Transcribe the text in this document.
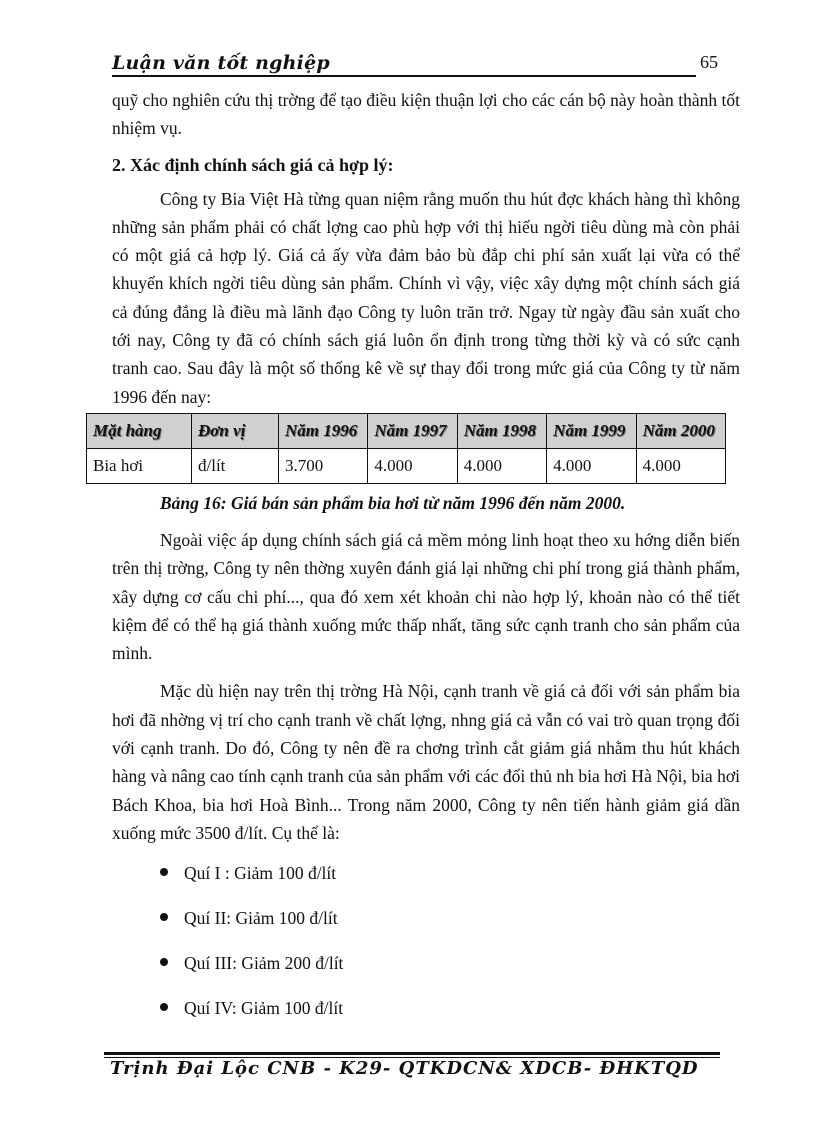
Luận văn tốt nghiệp	65

quỹ cho nghiên cứu thị trờng để tạo điều kiện thuận lợi cho các cán bộ này hoàn thành tốt nhiệm vụ.

2. Xác định chính sách giá cả hợp lý:

Công ty Bia Việt Hà từng quan niệm rằng muốn thu hút đợc khách hàng thì không những sản phẩm phải có chất lợng cao phù hợp với thị hiếu ngời tiêu dùng mà còn phải có một giá cả hợp lý. Giá cả ấy vừa đảm bảo bù đắp chi phí sản xuất lại vừa có thể khuyến khích ngời tiêu dùng sản phẩm. Chính vì vậy, việc xây dựng một chính sách giá cả đúng đắng là điều mà lãnh đạo Công ty luôn trăn trở. Ngay từ ngày đầu sản xuất cho tới nay, Công ty đã có chính sách giá luôn ổn định trong từng thời kỳ và có sức cạnh tranh cao. Sau đây là một số thống kê về sự thay đổi trong mức giá của Công ty từ năm 1996 đến nay:

Mặt hàng	Đơn vị	Năm 1996	Năm 1997	Năm 1998	Năm 1999	Năm 2000
Bia hơi	đ/lít	3.700	4.000	4.000	4.000	4.000
Bảng 16: Giá bán sản phẩm bia hơi từ năm 1996 đến năm 2000.

Ngoài việc áp dụng chính sách giá cả mềm mỏng linh hoạt theo xu hớng diễn biến trên thị trờng, Công ty nên thờng xuyên đánh giá lại những chi phí trong giá thành phẩm, xây dựng cơ cấu chi phí..., qua đó xem xét khoản chi nào hợp lý, khoản nào có thể tiết kiệm để có thể hạ giá thành xuống mức thấp nhất, tăng sức cạnh tranh cho sản phẩm của mình.

Mặc dù hiện nay trên thị trờng Hà Nội, cạnh tranh về giá cả đối với sản phẩm bia hơi đã nhờng vị trí cho cạnh tranh về chất lợng, nhng giá cả vẫn có vai trò quan trọng đối với cạnh tranh. Do đó, Công ty nên đề ra chơng trình cắt giảm giá nhằm thu hút khách hàng và nâng cao tính cạnh tranh của sản phẩm với các đối thủ nh bia hơi Hà Nội, bia hơi Bách Khoa, bia hơi Hoà Bình... Trong năm 2000, Công ty nên tiến hành giảm giá dần xuống mức 3500 đ/lít. Cụ thể là:

Quí I : Giảm 100 đ/lít
Quí II: Giảm 100 đ/lít
Quí III: Giảm 200 đ/lít
Quí IV: Giảm 100 đ/lít
Trịnh Đại Lộc CNB - K29- QTKDCN& XDCB- ĐHKTQD
